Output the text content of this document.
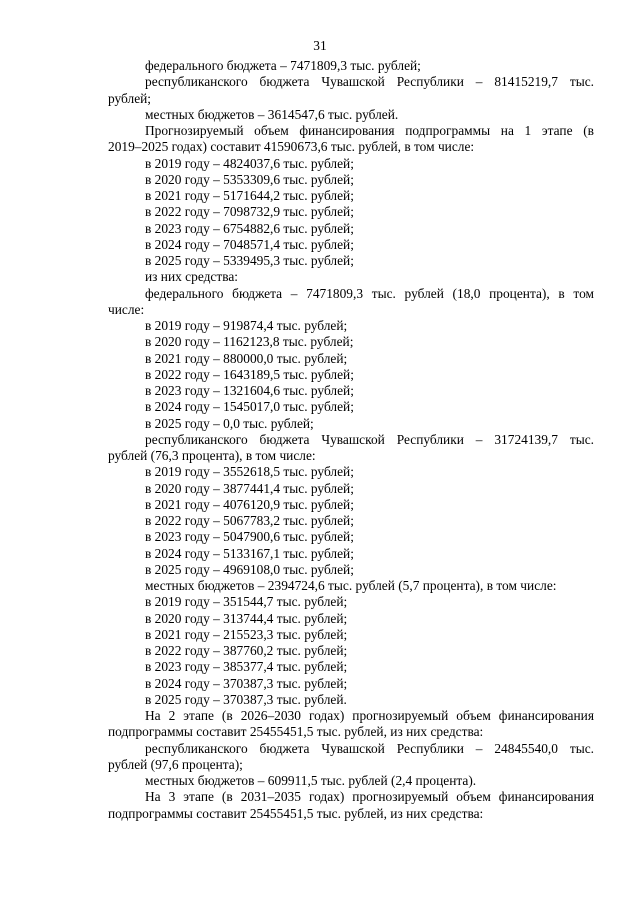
31
федерального бюджета – 7471809,3 тыс. рублей;
республиканского бюджета Чувашской Республики – 81415219,7 тыс.
рублей;
местных бюджетов – 3614547,6 тыс. рублей.
Прогнозируемый объем финансирования подпрограммы на 1 этапе (в
2019–2025 годах) составит 41590673,6 тыс. рублей, в том числе:
в 2019 году – 4824037,6 тыс. рублей;
в 2020 году – 5353309,6 тыс. рублей;
в 2021 году – 5171644,2 тыс. рублей;
в 2022 году – 7098732,9 тыс. рублей;
в 2023 году – 6754882,6 тыс. рублей;
в 2024 году – 7048571,4 тыс. рублей;
в 2025 году – 5339495,3 тыс. рублей;
из них средства:
федерального бюджета – 7471809,3 тыс. рублей (18,0 процента), в том
числе:
в 2019 году – 919874,4 тыс. рублей;
в 2020 году – 1162123,8 тыс. рублей;
в 2021 году – 880000,0 тыс. рублей;
в 2022 году – 1643189,5 тыс. рублей;
в 2023 году – 1321604,6 тыс. рублей;
в 2024 году – 1545017,0 тыс. рублей;
в 2025 году – 0,0 тыс. рублей;
республиканского бюджета Чувашской Республики – 31724139,7 тыс.
рублей (76,3 процента), в том числе:
в 2019 году – 3552618,5 тыс. рублей;
в 2020 году – 3877441,4 тыс. рублей;
в 2021 году – 4076120,9 тыс. рублей;
в 2022 году – 5067783,2 тыс. рублей;
в 2023 году – 5047900,6 тыс. рублей;
в 2024 году – 5133167,1 тыс. рублей;
в 2025 году – 4969108,0 тыс. рублей;
местных бюджетов – 2394724,6 тыс. рублей (5,7 процента), в том числе:
в 2019 году – 351544,7 тыс. рублей;
в 2020 году – 313744,4 тыс. рублей;
в 2021 году – 215523,3 тыс. рублей;
в 2022 году – 387760,2 тыс. рублей;
в 2023 году – 385377,4 тыс. рублей;
в 2024 году – 370387,3 тыс. рублей;
в 2025 году – 370387,3 тыс. рублей.
На 2 этапе (в 2026–2030 годах) прогнозируемый объем финансирования
подпрограммы составит 25455451,5 тыс. рублей, из них средства:
республиканского бюджета Чувашской Республики – 24845540,0 тыс.
рублей (97,6 процента);
местных бюджетов – 609911,5 тыс. рублей (2,4 процента).
На 3 этапе (в 2031–2035 годах) прогнозируемый объем финансирования
подпрограммы составит 25455451,5 тыс. рублей, из них средства:
